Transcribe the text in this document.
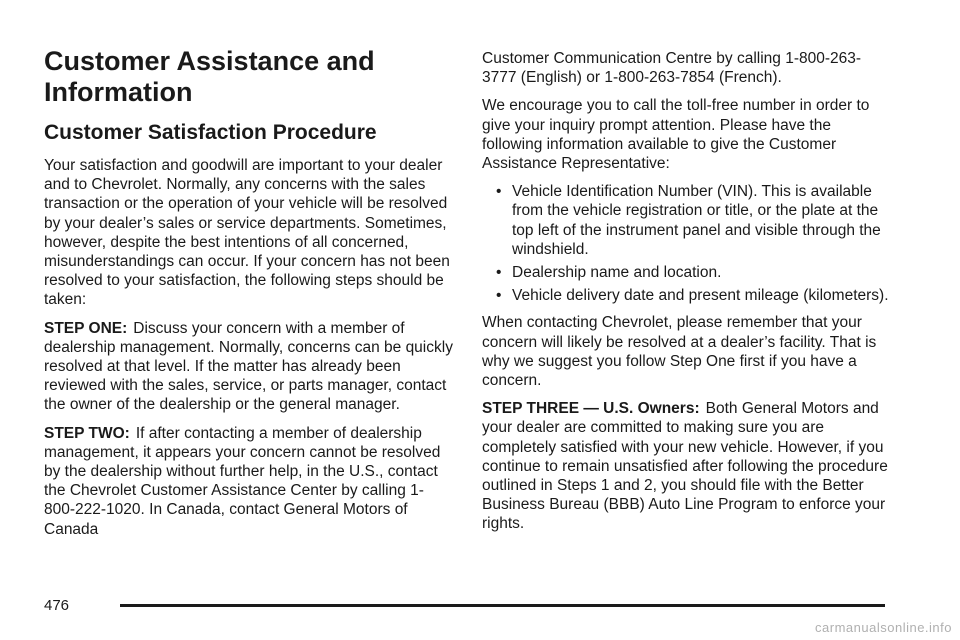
Customer Assistance and Information
Customer Satisfaction Procedure

Your satisfaction and goodwill are important to your dealer and to Chevrolet. Normally, any concerns with the sales transaction or the operation of your vehicle will be resolved by your dealer’s sales or service departments. Sometimes, however, despite the best intentions of all concerned, misunderstandings can occur. If your concern has not been resolved to your satisfaction, the following steps should be taken:

STEP ONE: Discuss your concern with a member of dealership management. Normally, concerns can be quickly resolved at that level. If the matter has already been reviewed with the sales, service, or parts manager, contact the owner of the dealership or the general manager.

STEP TWO: If after contacting a member of dealership management, it appears your concern cannot be resolved by the dealership without further help, in the U.S., contact the Chevrolet Customer Assistance Center by calling 1-800-222-1020. In Canada, contact General Motors of Canada

Customer Communication Centre by calling 1-800-263-3777 (English) or 1-800-263-7854 (French).

We encourage you to call the toll-free number in order to give your inquiry prompt attention. Please have the following information available to give the Customer Assistance Representative:

• Vehicle Identification Number (VIN). This is available from the vehicle registration or title, or the plate at the top left of the instrument panel and visible through the windshield.
• Dealership name and location.
• Vehicle delivery date and present mileage (kilometers).

When contacting Chevrolet, please remember that your concern will likely be resolved at a dealer’s facility. That is why we suggest you follow Step One first if you have a concern.

STEP THREE — U.S. Owners: Both General Motors and your dealer are committed to making sure you are completely satisfied with your new vehicle. However, if you continue to remain unsatisfied after following the procedure outlined in Steps 1 and 2, you should file with the Better Business Bureau (BBB) Auto Line Program to enforce your rights.

476
carmanualsonline.info
